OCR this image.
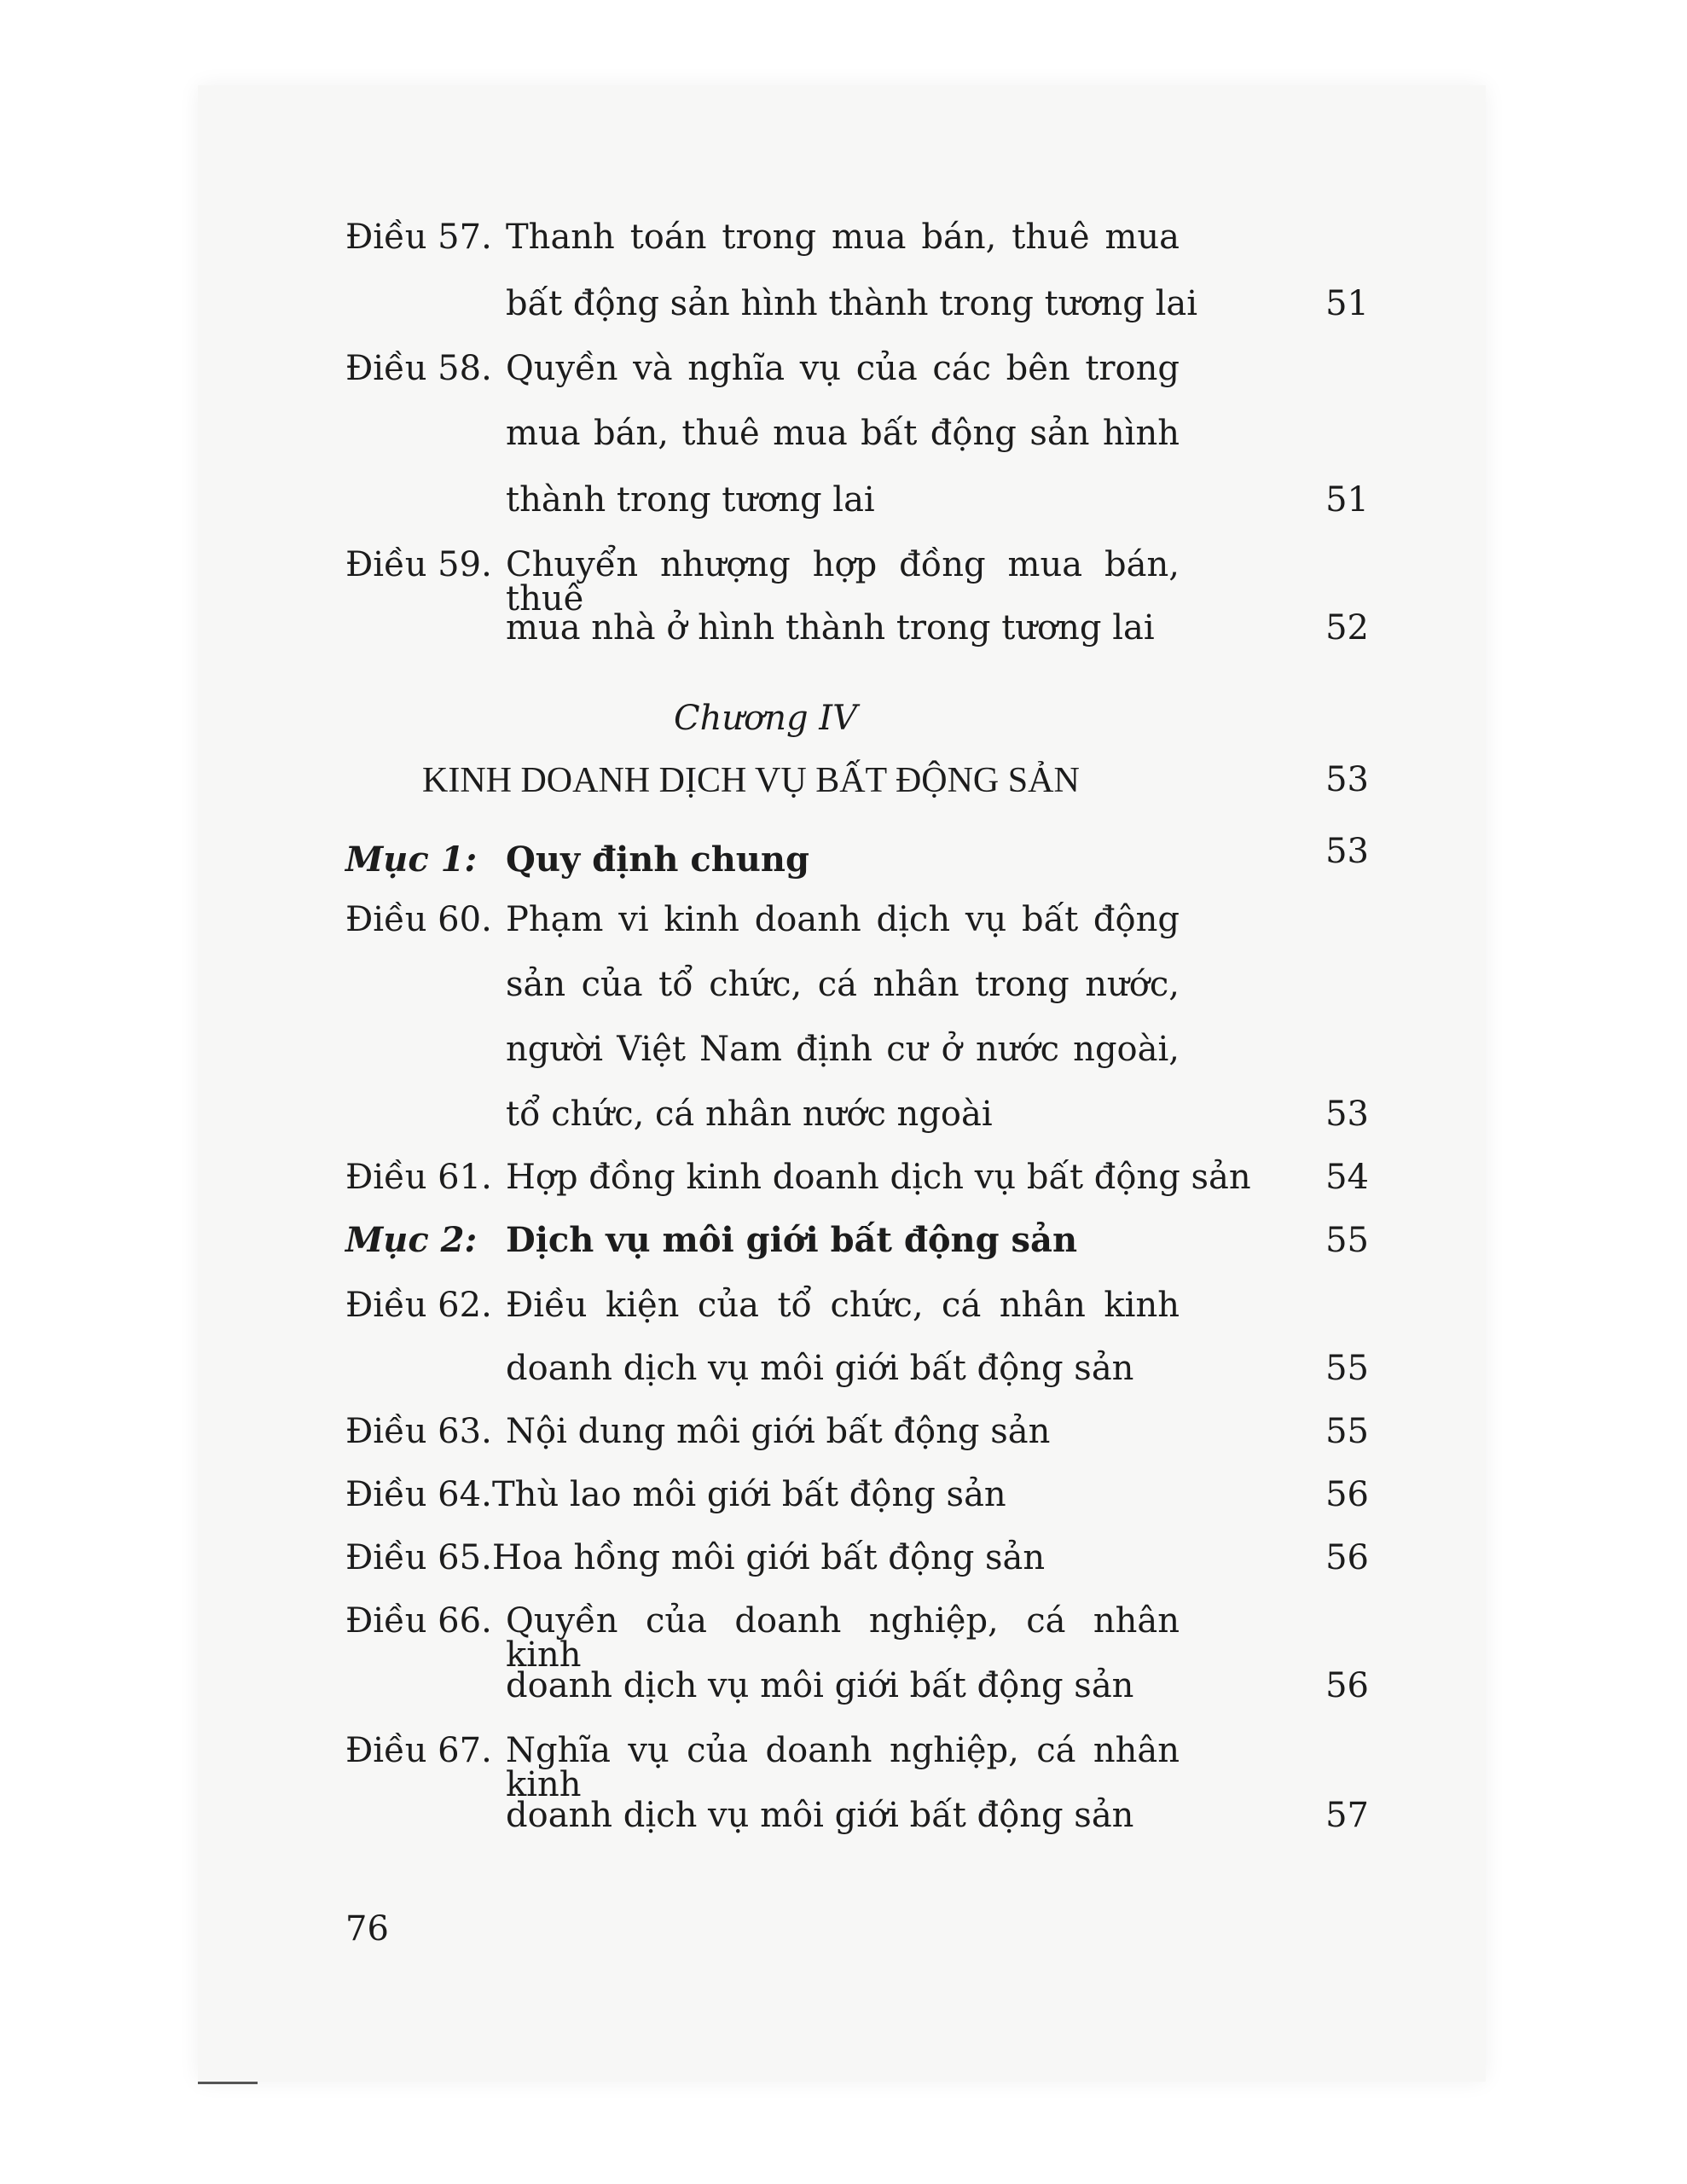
Điều 57. Thanh toán trong mua bán, thuê mua
bất động sản hình thành trong tương lai	51
Điều 58. Quyền và nghĩa vụ của các bên trong
mua bán, thuê mua bất động sản hình
thành trong tương lai	51
Điều 59. Chuyển nhượng hợp đồng mua bán, thuê
mua nhà ở hình thành trong tương lai	52
Chương IV
KINH DOANH DỊCH VỤ BẤT ĐỘNG SẢN	53
Mục 1: Quy định chung	53
Điều 60. Phạm vi kinh doanh dịch vụ bất động
sản của tổ chức, cá nhân trong nước,
người Việt Nam định cư ở nước ngoài,
tổ chức, cá nhân nước ngoài	53
Điều 61. Hợp đồng kinh doanh dịch vụ bất động sản 54
Mục 2: Dịch vụ môi giới bất động sản	55
Điều 62. Điều kiện của tổ chức, cá nhân kinh
doanh dịch vụ môi giới bất động sản	55
Điều 63. Nội dung môi giới bất động sản	55
Điều 64. Thù lao môi giới bất động sản	56
Điều 65. Hoa hồng môi giới bất động sản	56
Điều 66. Quyền của doanh nghiệp, cá nhân kinh
doanh dịch vụ môi giới bất động sản	56
Điều 67. Nghĩa vụ của doanh nghiệp, cá nhân kinh
doanh dịch vụ môi giới bất động sản	57
76
